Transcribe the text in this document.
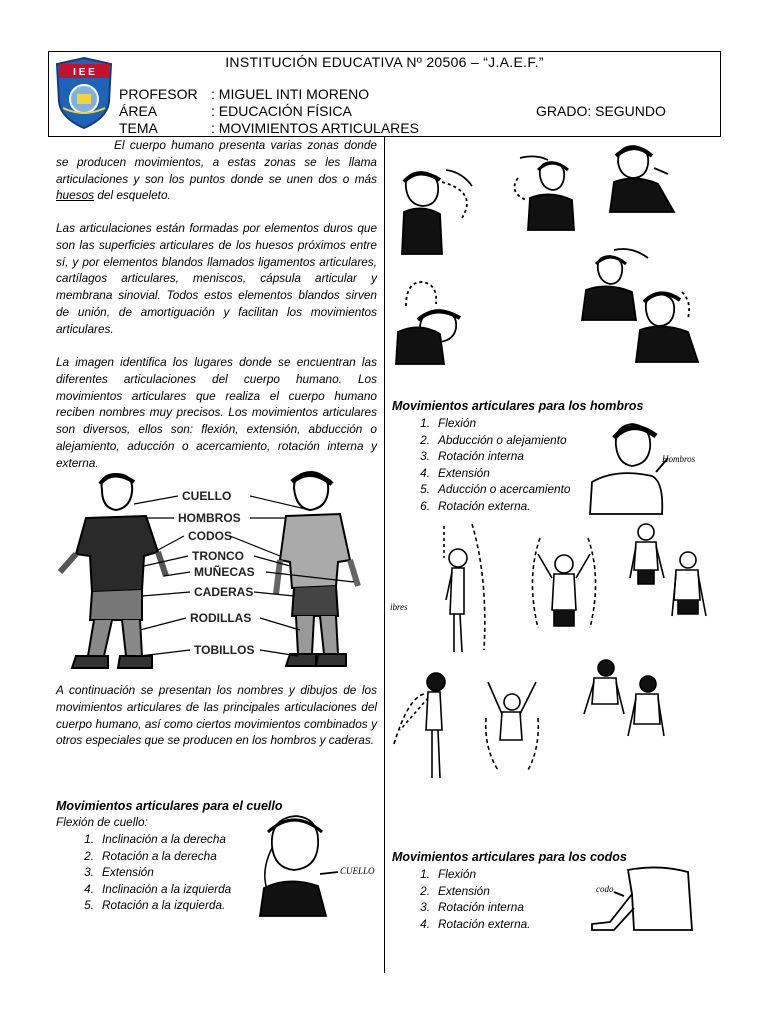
I E E
INSTITUCIÓN EDUCATIVA Nº 20506 – “J.A.E.F.”
PROFESOR : MIGUEL INTI MORENO
ÁREA	: EDUCACIÓN FÍSICA
TEMA	: MOVIMIENTOS ARTICULARES
GRADO: SEGUNDO
El cuerpo humano presenta varias zonas donde se producen movimientos, a estas zonas se les llama articulaciones y son los puntos donde se unen dos o más huesos del esqueleto.
Las articulaciones están formadas por elementos duros que son las superficies articulares de los huesos próximos entre sí, y por elementos blandos llamados ligamentos articulares, cartílagos articulares, meniscos, cápsula articular y membrana sinovial. Todos estos elementos blandos sirven de unión, de amortiguación y facilitan los movimientos articulares.
La imagen identifica los lugares donde se encuentran las diferentes articulaciones del cuerpo humano. Los movimientos articulares que realiza el cuerpo humano reciben nombres muy precisos. Los movimientos articulares son diversos, ellos son: flexión, extensión, abducción o alejamiento, aducción o acercamiento, rotación interna y externa.
CUELLO
HOMBROS
CODOS
TRONCO
MUÑECAS
CADERAS
RODILLAS
TOBILLOS
A continuación se presentan los nombres y dibujos de los movimientos articulares de las principales articulaciones del cuerpo humano, así como ciertos movimientos combinados y otros especiales que se producen en los hombros y caderas.
Movimientos articulares para el cuello
Flexión de cuello:
1. Inclinación a la derecha
2. Rotación a la derecha
3. Extensión
4. Inclinación a la izquierda
5. Rotación a la izquierda.
CUELLO
Movimientos articulares para los hombros
1. Flexión
2. Abducción o alejamiento
3. Rotación interna
4. Extensión
5. Aducción o acercamiento
6. Rotación externa.
Hombros
ibres
Movimientos articulares para los codos
1. Flexión
2. Extensión
3. Rotación interna
4. Rotación externa.
codo
